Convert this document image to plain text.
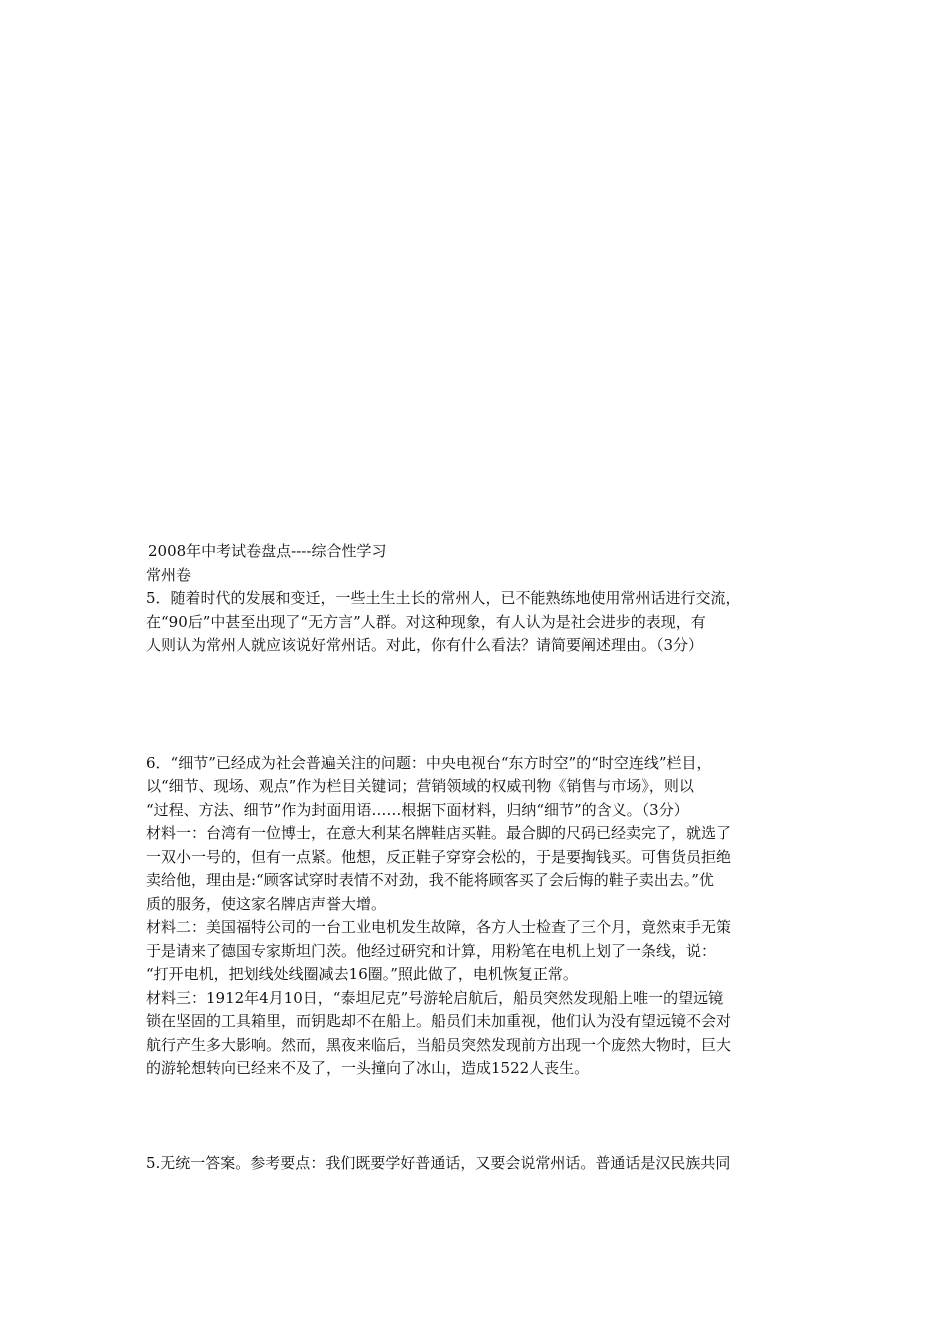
2008年中考试卷盘点----综合性学习
常州卷
5．随着时代的发展和变迁，一些土生土长的常州人，已不能熟练地使用常州话进行交流，
在“90后”中甚至出现了“无方言”人群。对这种现象，有人认为是社会进步的表现，有
人则认为常州人就应该说好常州话。对此，你有什么看法？请简要阐述理由。（3分）
6．“细节”已经成为社会普遍关注的问题：中央电视台“东方时空”的“时空连线”栏目，
以“细节、现场、观点”作为栏目关键词；营销领域的权威刊物《销售与市场》，则以
“过程、方法、细节”作为封面用语……根据下面材料，归纳“细节”的含义。（3分）
材料一：台湾有一位博士，在意大利某名牌鞋店买鞋。最合脚的尺码已经卖完了，就选了
一双小一号的，但有一点紧。他想，反正鞋子穿穿会松的，于是要掏钱买。可售货员拒绝
卖给他，理由是:“顾客试穿时表情不对劲，我不能将顾客买了会后悔的鞋子卖出去。”优
质的服务，使这家名牌店声誉大增。
材料二：美国福特公司的一台工业电机发生故障，各方人士检查了三个月，竟然束手无策
于是请来了德国专家斯坦门茨。他经过研究和计算，用粉笔在电机上划了一条线，说：
“打开电机，把划线处线圈减去16圈。”照此做了，电机恢复正常。
材料三：1912年4月10日，“泰坦尼克”号游轮启航后，船员突然发现船上唯一的望远镜
锁在坚固的工具箱里，而钥匙却不在船上。船员们未加重视，他们认为没有望远镜不会对
航行产生多大影响。然而，黑夜来临后，当船员突然发现前方出现一个庞然大物时，巨大
的游轮想转向已经来不及了，一头撞向了冰山，造成1522人丧生。
5.无统一答案。参考要点：我们既要学好普通话，又要会说常州话。普通话是汉民族共同
